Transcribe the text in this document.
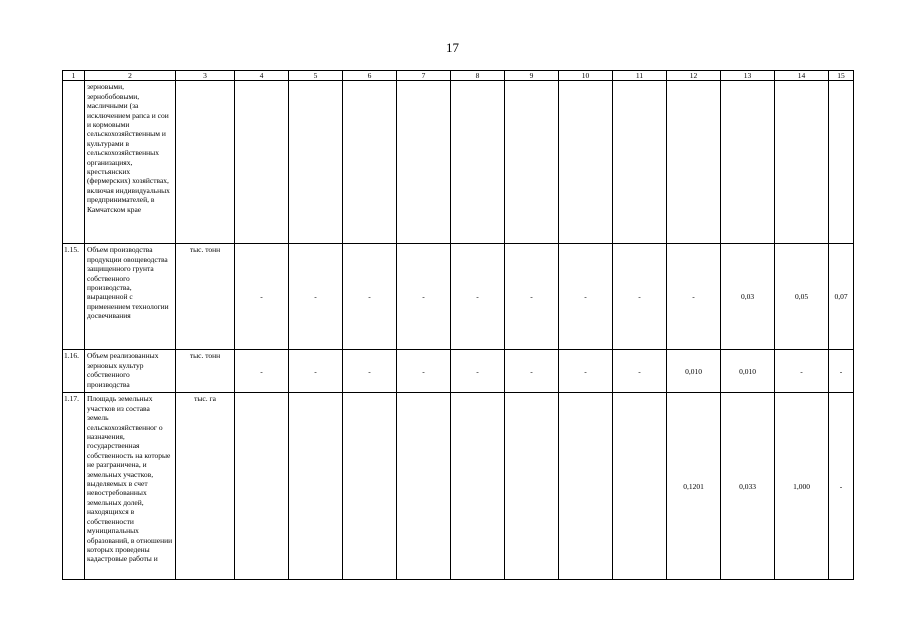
17
1	2	3	4	5	6	7	8	9	10	11	12	13	14	15
	зерновыми, зернобобовыми, масличными (за исключением рапса и сои и кормовыми сельскохозяйственным и культурами в сельскохозяйственных организациях, крестьянских (фермерских) хозяйствах, включая индивидуальных предпринимателей, в Камчатском крае													
1.15.	Объем производства продукции овощеводства защищенного грунта собственного производства, выращенной с применением технологии досвечивания	тыс. тонн	-	-	-	-	-	-	-	-	-	0,03	0,05	0,07
1.16.	Объем реализованных зерновых культур собственного производства	тыс. тонн	-	-	-	-	-	-	-	-	0,010	0,010	-	-
1.17.	Площадь земельных участков из состава земель сельскохозяйственног о назначения, государственная собственность на которые не разграничена, и земельных участков, выделяемых в счет невостребованных земельных долей, находящихся в собственности муниципальных образований, в отношении которых проведены кадастровые работы и	тыс. га									0,1201	0,033	1,000	-
